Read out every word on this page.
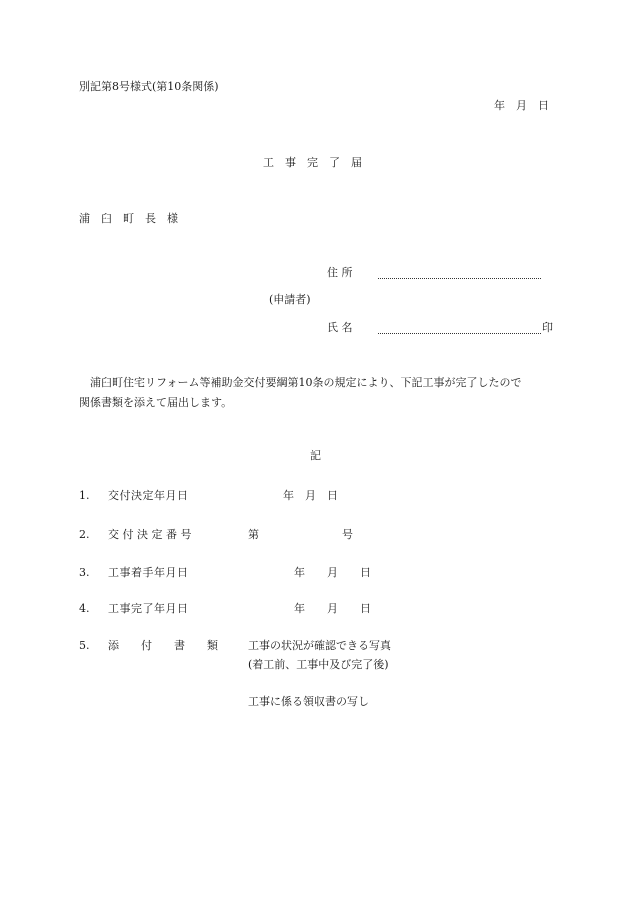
別記第8号様式(第10条関係)
年　月　日
工　事　完　了　届
浦　臼　町　長　様
住 所
(申請者)
氏 名	印
浦臼町住宅リフォーム等補助金交付要綱第10条の規定により、下記工事が完了したので
関係書類を添えて届出します。
記
1. 交付決定年月日	年　月　日
2. 交 付 決 定 番 号	第	号
3. 工事着手年月日	年　　月　　日
4. 工事完了年月日	年　　月　　日
5. 添　　付　　書　　類	工事の状況が確認できる写真
(着工前、工事中及び完了後)
工事に係る領収書の写し
